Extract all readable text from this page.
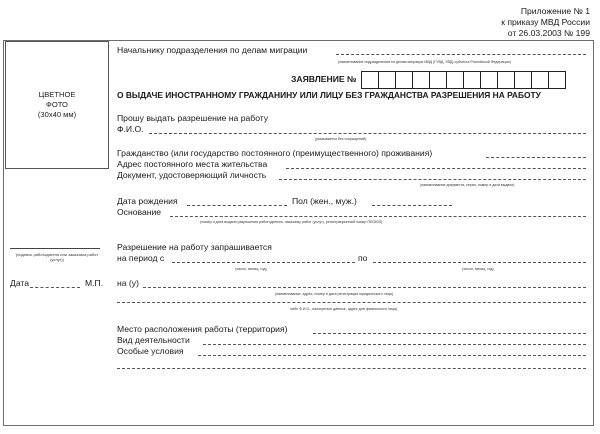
Приложение № 1
к приказу МВД России
от 26.03.2003 № 199
ЦВЕТНОЕ
ФОТО
(30х40 мм)
Начальнику подразделения по делам миграции
(наименование подразделения по делам миграции МВД (ГУВД, УВД) субъекта Российской Федерации)
ЗАЯВЛЕНИЕ №
О ВЫДАЧЕ ИНОСТРАННОМУ ГРАЖДАНИНУ ИЛИ ЛИЦУ БЕЗ ГРАЖДАНСТВА РАЗРЕШЕНИЯ НА РАБОТУ
Прошу выдать разрешение на работу
Ф.И.О.
(указывается без сокращений)
Гражданство (или государство постоянного (преимущественного) проживания)
Адрес постоянного места жительства
Документ, удостоверяющий личность
(наименование документа, серия, номер и дата выдачи)
Дата рождения	Пол (жен., муж.)
Основание
(номер и дата выдачи разрешения работодателю, заказчику работ (услуг), регистрационный номер ПБОЮЛ)
(подпись работодателя или заказчика работ (услуг))
Дата	М.П.
Разрешение на работу запрашивается
на период с
(число, месяц, год)
по
(число, месяц, год)
на (у)
(наименование, адрес, номер и дата регистрации юридического лица)
либо Ф.И.О., паспортные данные, адрес для физического лица)
Место расположения работы (территория)
Вид деятельности
Особые условия
